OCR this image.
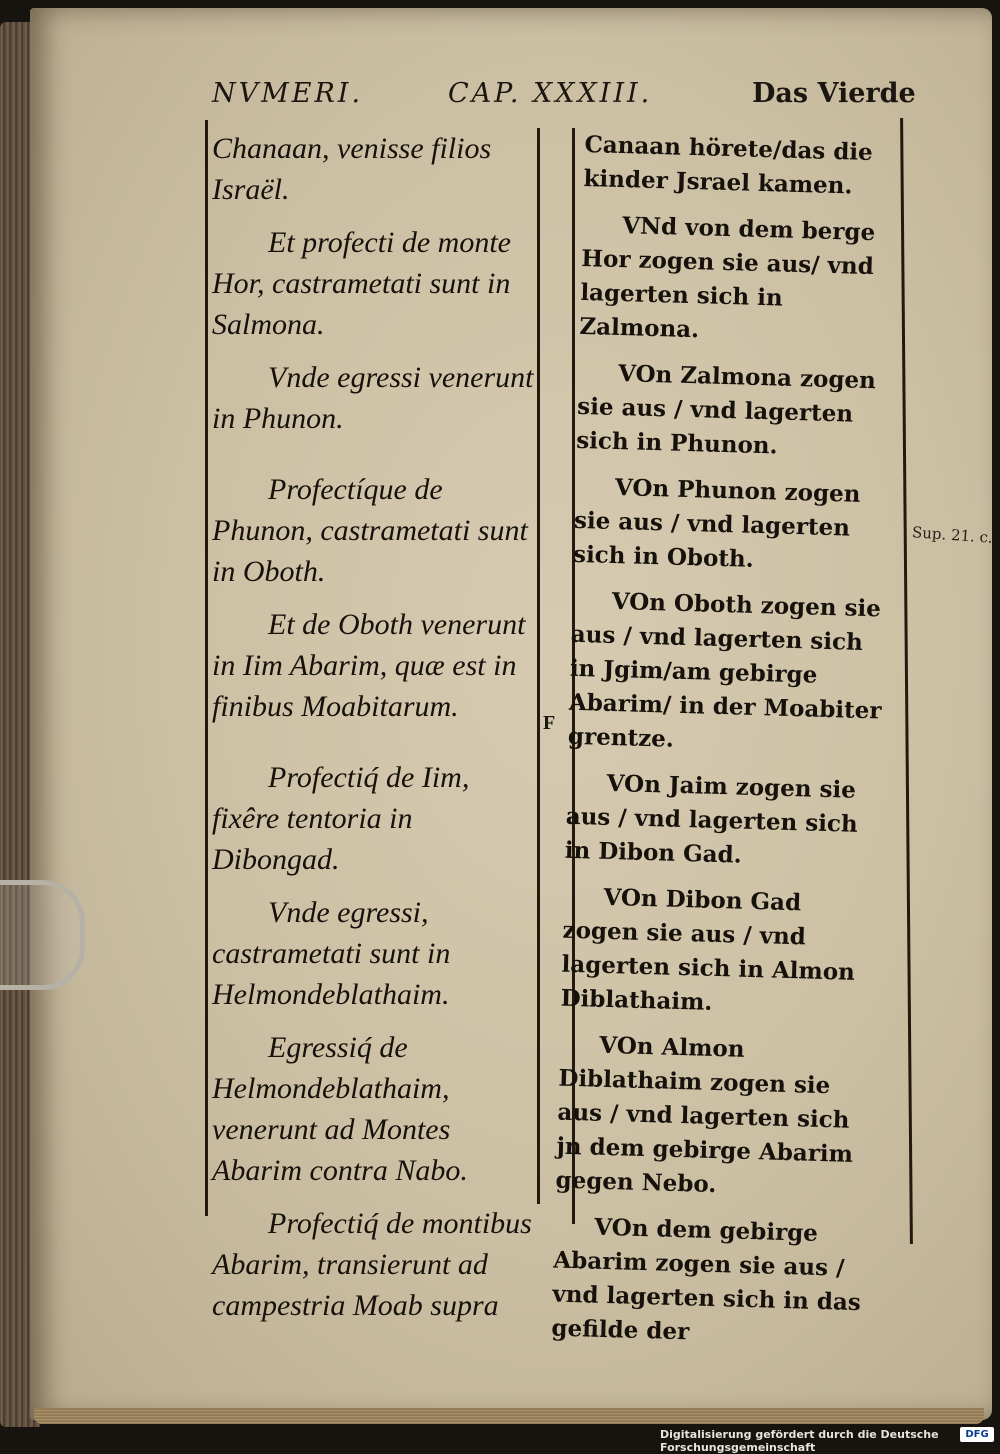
NVMERI.	CAP. XXXIII.	Das Vierde

Chanaan, venisse filios Israël.

Et profecti de monte Hor, castrametati sunt in Salmona.

Vnde egressi venerunt in Phunon.

Profectíque de Phunon, castrametati sunt in Oboth.

Et de Oboth venerunt in Iim Abarim, quæ est in finibus Moabitarum.

Profectiq́ de Iim, fixêre tentoria in Dibongad.

Vnde egressi, castrametati sunt in Helmondeblathaim.

Egressiq́ de Helmondeblathaim, venerunt ad Montes Abarim contra Nabo.

Profectiq́ de montibus Abarim, transierunt ad campestria Moab supra

Canaan hörete/das die kinder Jsrael kamen.

VNd von dem berge Hor zogen sie aus/ vnd lagerten sich in Zalmona.

VOn Zalmona zogen sie aus / vnd lagerten sich in Phunon.

VOn Phunon zogen sie aus / vnd lagerten sich in Oboth.

VOn Oboth zogen sie aus / vnd lagerten sich in Jgim/am gebirge Abarim/ in der Moabiter grentze.

VOn Jaim zogen sie aus / vnd lagerten sich in Dibon Gad.

VOn Dibon Gad zogen sie aus / vnd lagerten sich in Almon Diblathaim.

VOn Almon Diblathaim zogen sie aus / vnd lagerten sich jn dem gebirge Abarim gegen Nebo.

VOn dem gebirge Abarim zogen sie aus / vnd lagerten sich in das gefilde der

F
Sup. 21. c.
Digitalisierung gefördert durch die Deutsche Forschungsgemeinschaft
DFG
